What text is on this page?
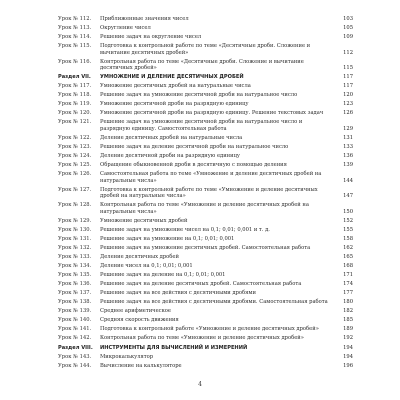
Урок № 112.	Приближенные значения чисел	103
Урок № 113.	Округление чисел	105
Урок № 114.	Решение задач на округление чисел	109
Урок № 115.	Подготовка к контрольной работе по теме «Десятичные дроби. Сложение и вычитание десятичных дробей»	112
Урок № 116.	Контрольная работа по теме «Десятичные дроби. Сложение и вычитание десятичных дробей»	115
Раздел VII.	УМНОЖЕНИЕ И ДЕЛЕНИЕ ДЕСЯТИЧНЫХ ДРОБЕЙ	117
Урок № 117.	Умножение десятичных дробей на натуральные числа	117
Урок № 118.	Решение задач на умножение десятичной дроби на натуральное число	120
Урок № 119.	Умножение десятичной дроби на разрядную единицу	123
Урок № 120.	Умножение десятичной дроби на разрядную единицу. Решение текстовых задач	126
Урок № 121.	Решение задач на умножение десятичной дроби на натуральное число и разрядную единицу. Самостоятельная работа	129
Урок № 122.	Деление десятичных дробей на натуральные числа	131
Урок № 123.	Решение задач на деление десятичной дроби на натуральное число	133
Урок № 124.	Деление десятичной дроби на разрядную единицу	136
Урок № 125.	Обращение обыкновенной дроби в десятичную с помощью деления	139
Урок № 126.	Самостоятельная работа по теме «Умножение и деление десятичных дробей на натуральные числа»	144
Урок № 127.	Подготовка к контрольной работе по теме «Умножение и деление десятичных дробей на натуральные числа»	147
Урок № 128.	Контрольная работа по теме «Умножение и деление десятичных дробей на натуральные числа»	150
Урок № 129.	Умножение десятичных дробей	152
Урок № 130.	Решение задач на умножение чисел на 0,1; 0,01; 0,001 и т. д.	155
Урок № 131.	Решение задач на умножение на 0,1; 0,01; 0,001	158
Урок № 132.	Решение задач на умножение десятичных дробей. Самостоятельная работа	162
Урок № 133.	Деление десятичных дробей	165
Урок № 134.	Деление чисел на 0,1; 0,01; 0,001	168
Урок № 135.	Решение задач на деление на 0,1; 0,01; 0,001	171
Урок № 136.	Решение задач на деление десятичных дробей. Самостоятельная работа	174
Урок № 137.	Решение задач на все действия с десятичными дробями	177
Урок № 138.	Решение задач на все действия с десятичными дробями. Самостоятельная работа	180
Урок № 139.	Среднее арифметическое	182
Урок № 140.	Средняя скорость движения	185
Урок № 141.	Подготовка к контрольной работе «Умножение и деление десятичных дробей»	189
Урок № 142.	Контрольная работа по теме «Умножение и деление десятичных дробей»	192
Раздел VIII.	ИНСТРУМЕНТЫ ДЛЯ ВЫЧИСЛЕНИЙ И ИЗМЕРЕНИЙ	194
Урок № 143.	Микрокалькулятор	194
Урок № 144.	Вычисление на калькуляторе	196
4
